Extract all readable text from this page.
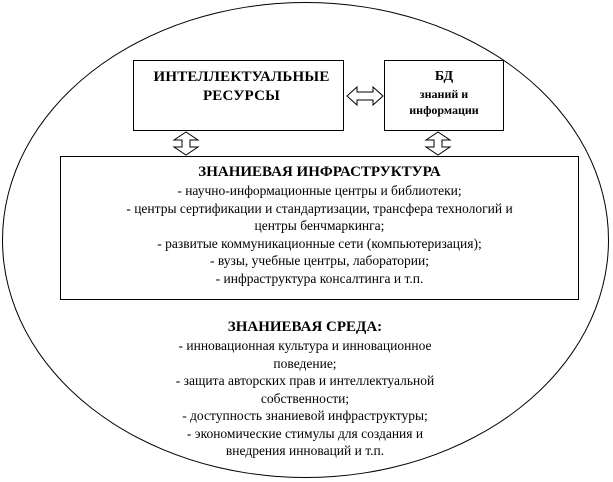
ИНТЕЛЛЕКТУАЛЬНЫЕ РЕСУРСЫ
БД
знаний и
информации
ЗНАНИЕВАЯ ИНФРАСТРУКТУРА
- научно-информационные центры и библиотеки;
- центры сертификации и стандартизации, трансфера технологий и
центры бенчмаркинга;
- развитые коммуникационные сети (компьютеризация);
- вузы, учебные центры, лаборатории;
- инфраструктура консалтинга и т.п.
ЗНАНИЕВАЯ СРЕДА:
- инновационная культура и инновационное
поведение;
- защита авторских прав и интеллектуальной
собственности;
- доступность знаниевой инфраструктуры;
- экономические стимулы для создания и
внедрения инноваций и т.п.
